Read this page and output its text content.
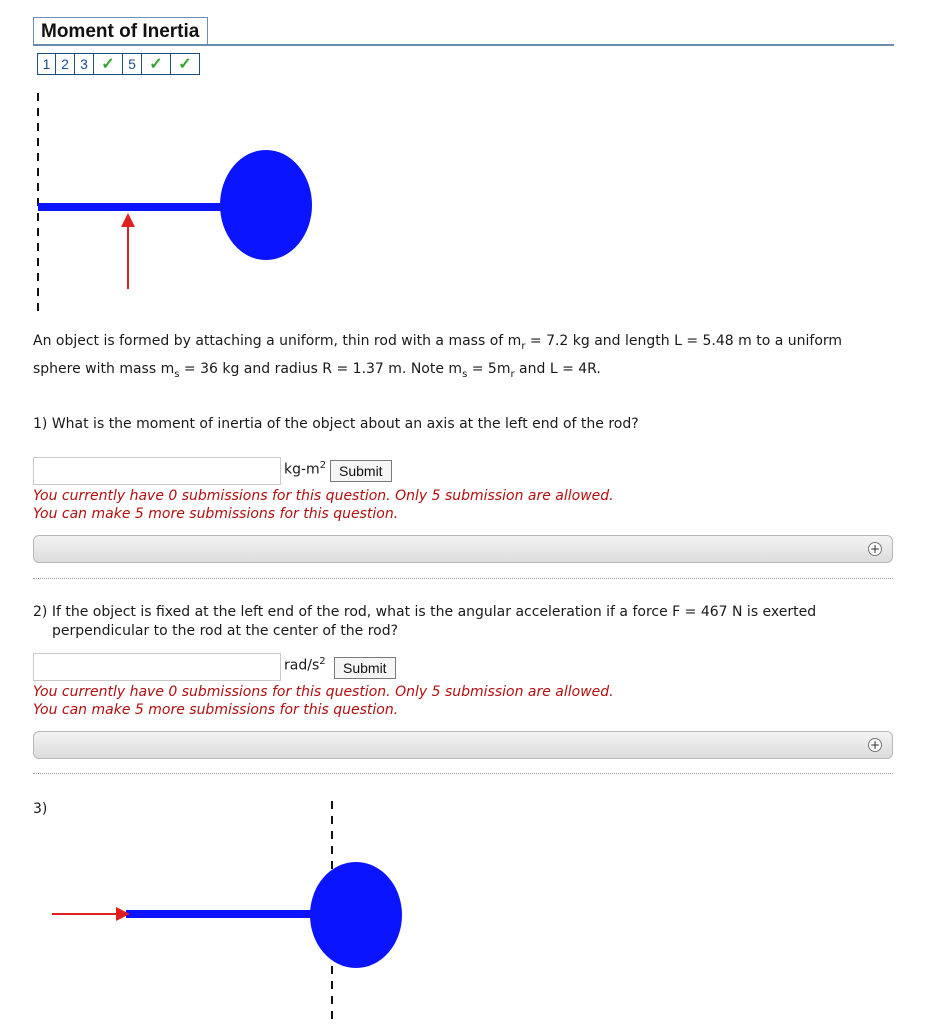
Moment of Inertia
1 2 3 ✓ 5 ✓ ✓
An object is formed by attaching a uniform, thin rod with a mass of $m_r = 7.2$ kg and length L = 5.48 m to a uniform sphere with mass $m_s = 36$ kg and radius R = 1.37 m. Note $m_s = 5m_r$ and L = 4R.
1) What is the moment of inertia of the object about an axis at the left end of the rod?
$kg-m^2$ Submit
You currently have 0 submissions for this question. Only 5 submission are allowed.
You can make 5 more submissions for this question.
+
2) If the object is fixed at the left end of the rod, what is the angular acceleration if a force F = 467 N is exerted
perpendicular to the rod at the center of the rod?
rad/$s^2$	Submit
You currently have 0 submissions for this question. Only 5 submission are allowed.
You can make 5 more submissions for this question.
+
3)
